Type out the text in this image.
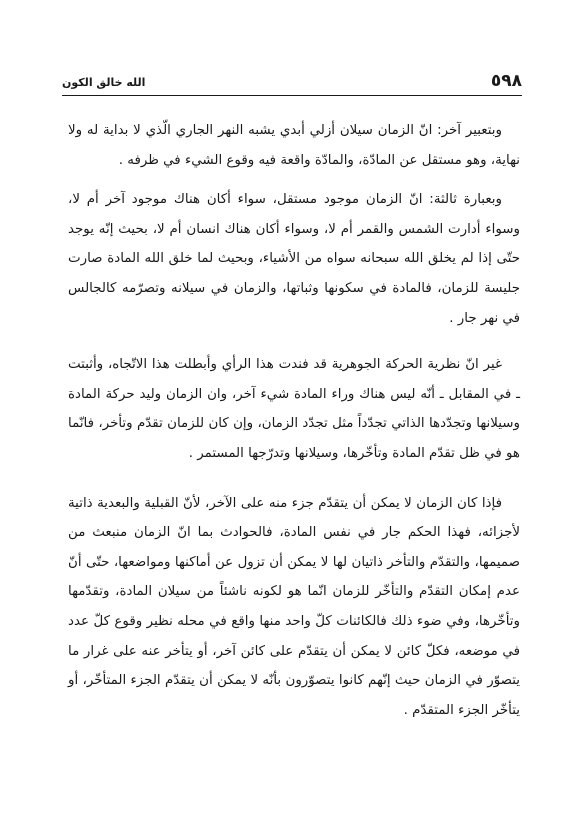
٥٩٨
الله خالق الكون

وبتعبير آخر: انّ الزمان سيلان أزلي أبدي يشبه النهر الجاري الّذي لا بداية له ولا نهاية، وهو مستقل عن المادّة، والمادّة واقعة فيه وقوع الشيء في ظرفه .

وبعبارة ثالثة: انّ الزمان موجود مستقل، سواء أكان هناك موجود آخر أم لا، وسواء أدارت الشمس والقمر أم لا، وسواء أكان هناك انسان أم لا، بحيث إنّه يوجد حتّى إذا لم يخلق الله سبحانه سواه من الأشياء، وبحيث لما خلق الله المادة صارت جليسة للزمان، فالمادة في سكونها وثباتها، والزمان في سيلانه وتصرّمه كالجالس في نهر جار .

غير انّ نظرية الحركة الجوهرية قد فندت هذا الرأي وأبطلت هذا الاتّجاه، وأثبتت ـ في المقابل ـ أنّه ليس هناك وراء المادة شيء آخر، وان الزمان وليد حركة المادة وسيلانها وتجدّدها الذاتي تجدّداً مثل تجدّد الزمان، وإن كان للزمان تقدّم وتأخر، فانّما هو في ظل تقدّم المادة وتأخّرها، وسيلانها وتدرّجها المستمر .

فإذا كان الزمان لا يمكن أن يتقدّم جزء منه على الآخر، لأنّ القبلية والبعدية ذاتية لأجزائه، فهذا الحكم جار في نفس المادة، فالحوادث بما انّ الزمان منبعث من صميمها، والتقدّم والتأخر ذاتيان لها لا يمكن أن تزول عن أماكنها ومواضعها، حتّى أنّ عدم إمكان التقدّم والتأخّر للزمان انّما هو لكونه ناشئاً من سيلان المادة، وتقدّمها وتأخّرها، وفي ضوء ذلك فالكائنات كلّ واحد منها واقع في محله نظير وقوع كلّ عدد في موضعه، فكلّ كائن لا يمكن أن يتقدّم على كائن آخر، أو يتأخر عنه على غرار ما يتصوّر في الزمان حيث إنّهم كانوا يتصوّرون بأنّه لا يمكن أن يتقدّم الجزء المتأخّر، أو يتأخّر الجزء المتقدّم .
